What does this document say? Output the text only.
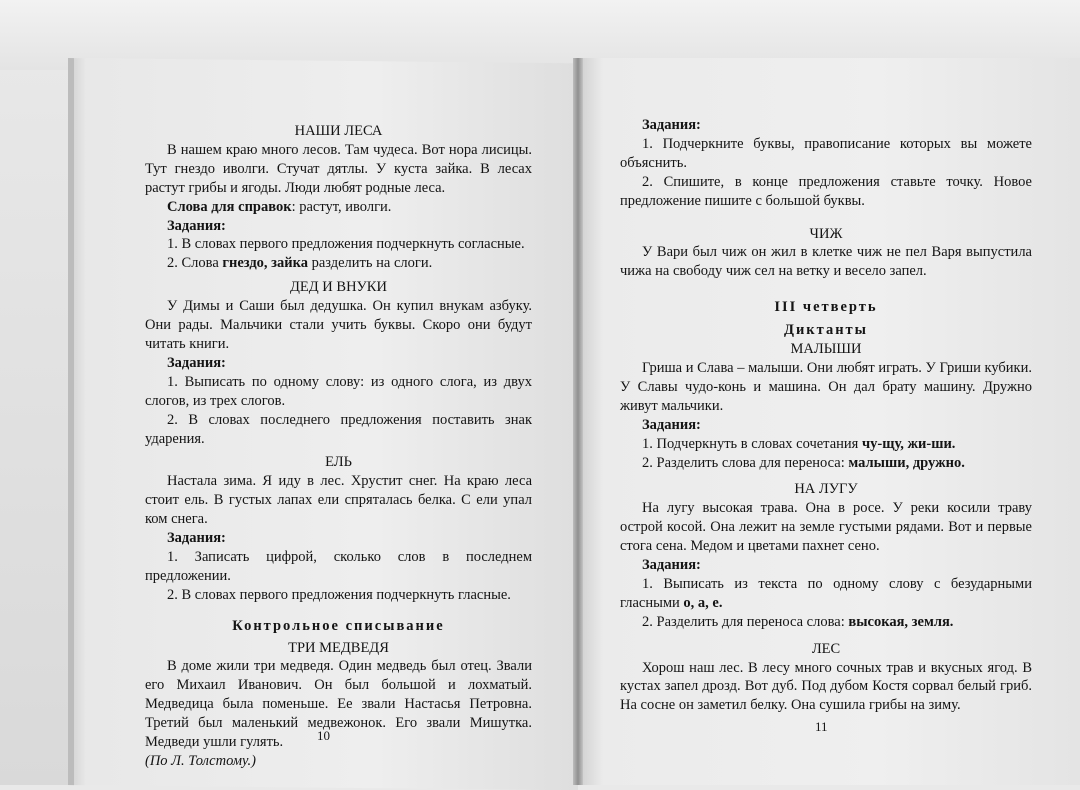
НАШИ ЛЕСА

В нашем краю много лесов. Там чудеса. Вот нора лисицы. Тут гнездо иволги. Стучат дятлы. У куста зайка. В лесах растут грибы и ягоды. Люди любят родные леса.

Слова для справок: растут, иволги.

Задания:

1. В словах первого предложения подчеркнуть согласные.

2. Слова гнездо, зайка разделить на слоги.

ДЕД И ВНУКИ

У Димы и Саши был дедушка. Он купил внукам азбуку. Они рады. Мальчики стали учить буквы. Скоро они будут читать книги.

Задания:

1. Выписать по одному слову: из одного слога, из двух слогов, из трех слогов.

2. В словах последнего предложения поставить знак ударения.

ЕЛЬ

Настала зима. Я иду в лес. Хрустит снег. На краю леса стоит ель. В густых лапах ели спряталась белка. С ели упал ком снега.

Задания:

1. Записать цифрой, сколько слов в последнем предложении.

2. В словах первого предложения подчеркнуть гласные.

Контрольное списывание

ТРИ МЕДВЕДЯ

В доме жили три медведя. Один медведь был отец. Звали его Михаил Иванович. Он был большой и лохматый. Медведица была поменьше. Ее звали Настасья Петровна. Третий был маленький медвежонок. Его звали Мишутка. Медведи ушли гулять.

(По Л. Толстому.)

10

Задания:

1. Подчеркните буквы, правописание которых вы можете объяснить.

2. Спишите, в конце предложения ставьте точку. Новое предложение пишите с большой буквы.

ЧИЖ

У Вари был чиж он жил в клетке чиж не пел Варя выпустила чижа на свободу чиж сел на ветку и весело запел.

III четверть

Диктанты

МАЛЫШИ

Гриша и Слава – малыши. Они любят играть. У Гриши кубики. У Славы чудо-конь и машина. Он дал брату машину. Дружно живут мальчики.

Задания:

1. Подчеркнуть в словах сочетания чу-щу, жи-ши.

2. Разделить слова для переноса: малыши, дружно.

НА ЛУГУ

На лугу высокая трава. Она в росе. У реки косили траву острой косой. Она лежит на земле густыми рядами. Вот и первые стога сена. Медом и цветами пахнет сено.

Задания:

1. Выписать из текста по одному слову с безударными гласными о, а, е.

2. Разделить для переноса слова: высокая, земля.

ЛЕС

Хорош наш лес. В лесу много сочных трав и вкусных ягод. В кустах запел дрозд. Вот дуб. Под дубом Костя сорвал белый гриб. На сосне он заметил белку. Она сушила грибы на зиму.

11
